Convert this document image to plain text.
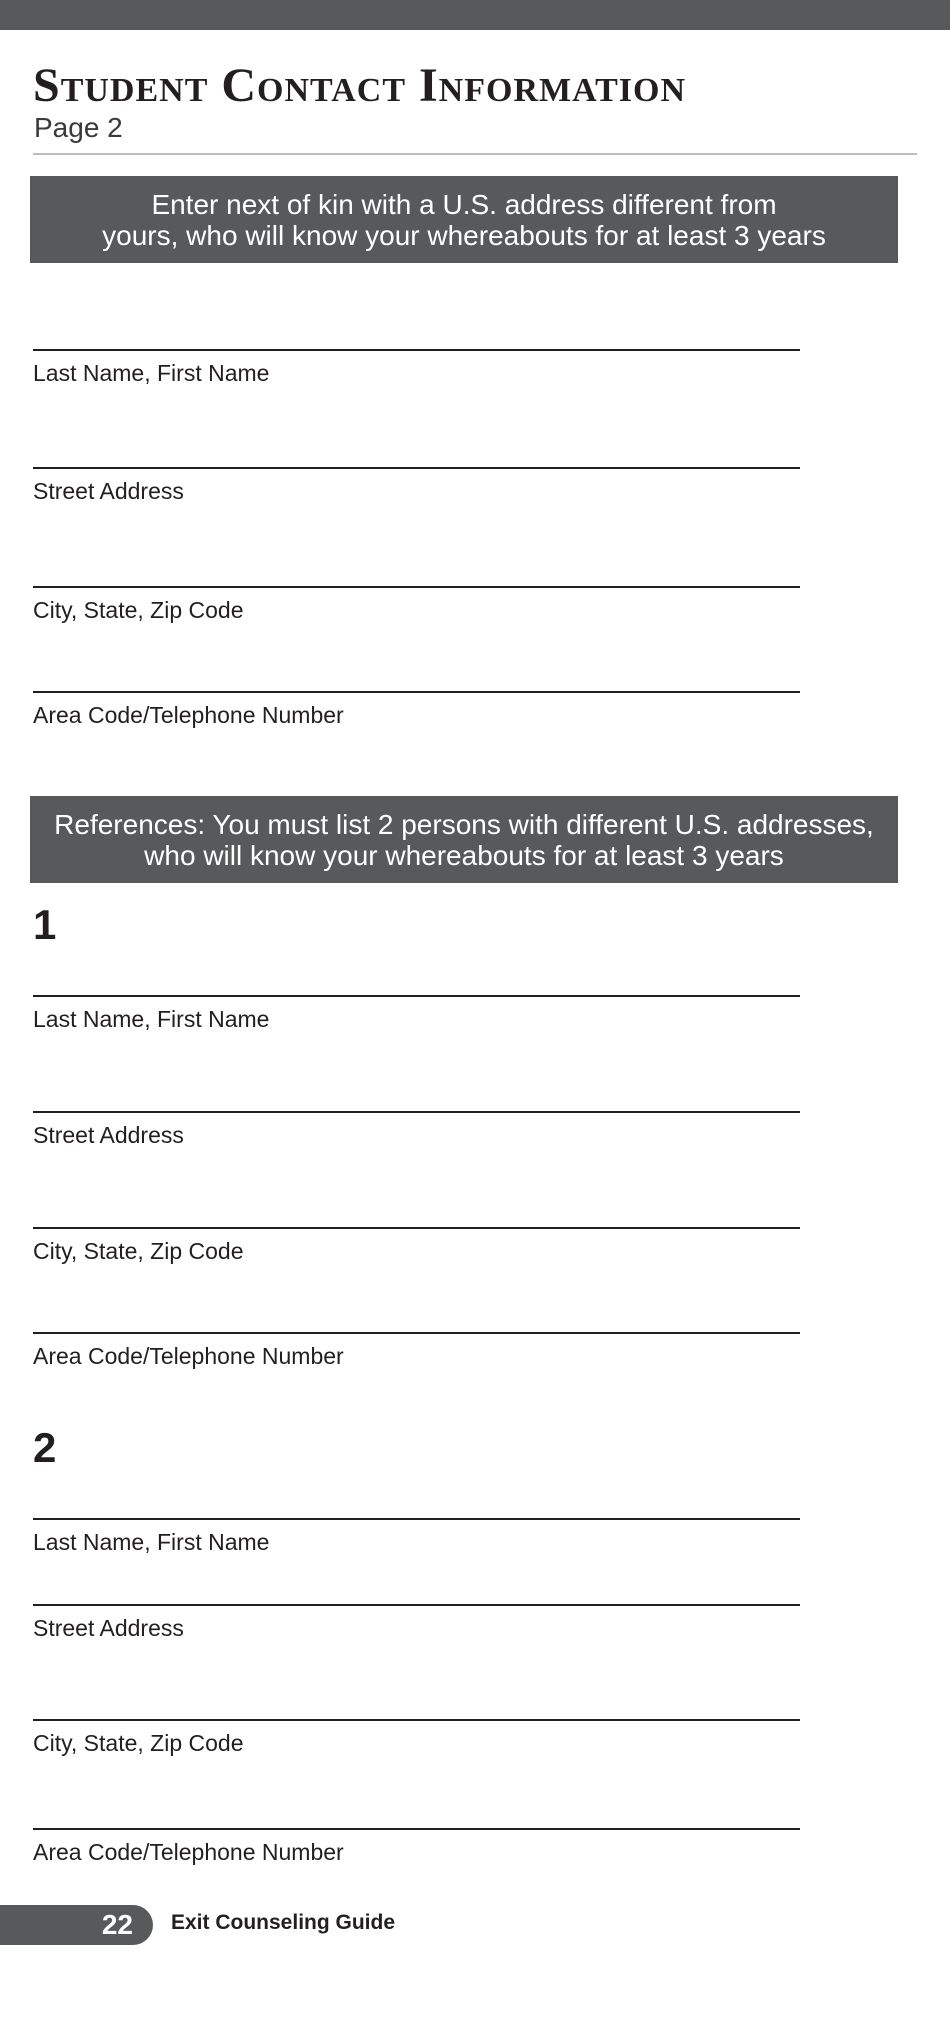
Student Contact Information
Page 2
Enter next of kin with a U.S. address different from
yours, who will know your whereabouts for at least 3 years
Last Name, First Name
Street Address
City, State, Zip Code
Area Code/Telephone Number
References: You must list 2 persons with different U.S. addresses,
who will know your whereabouts for at least 3 years
1
Last Name, First Name
Street Address
City, State, Zip Code
Area Code/Telephone Number
2
Last Name, First Name
Street Address
City, State, Zip Code
Area Code/Telephone Number
22 Exit Counseling Guide
